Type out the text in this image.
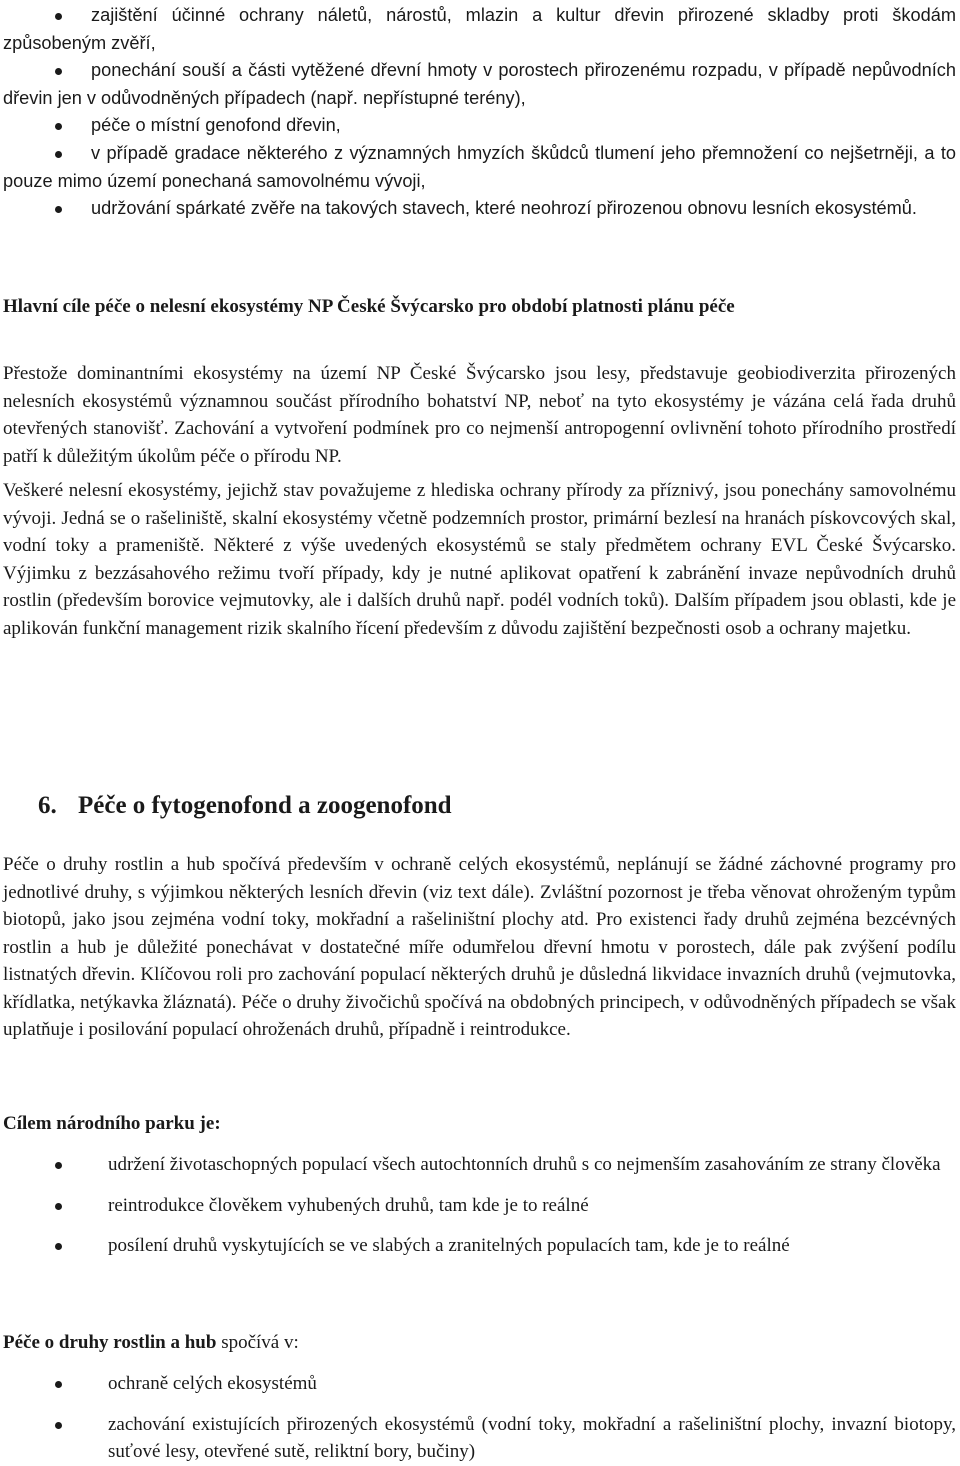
zajištění účinné ochrany náletů, nárostů, mlazin a kultur dřevin přirozené skladby proti škodám způsobeným zvěří,

ponechání souší a části vytěžené dřevní hmoty v porostech přirozenému rozpadu, v případě nepůvodních dřevin jen v odůvodněných případech (např. nepřístupné terény),

péče o místní genofond dřevin,

v případě gradace některého z významných hmyzích škůdců tlumení jeho přemnožení co nejšetrněji, a to pouze mimo území ponechaná samovolnému vývoji,

udržování spárkaté zvěře na takových stavech, které neohrozí přirozenou obnovu lesních ekosystémů.

Hlavní cíle péče o nelesní ekosystémy NP České Švýcarsko pro období platnosti plánu péče

Přestože dominantními ekosystémy na území NP České Švýcarsko jsou lesy, představuje geobiodiverzita přirozených nelesních ekosystémů významnou součást přírodního bohatství NP, neboť na tyto ekosystémy je vázána celá řada druhů otevřených stanovišť. Zachování a vytvoření podmínek pro co nejmenší antropogenní ovlivnění tohoto přírodního prostředí patří k důležitým úkolům péče o přírodu NP.

Veškeré nelesní ekosystémy, jejichž stav považujeme z hlediska ochrany přírody za příznivý, jsou ponechány samovolnému vývoji. Jedná se o rašeliniště, skalní ekosystémy včetně podzemních prostor, primární bezlesí na hranách pískovcových skal, vodní toky a prameniště. Některé z výše uvedených ekosystémů se staly předmětem ochrany EVL České Švýcarsko. Výjimku z bezzásahového režimu tvoří případy, kdy je nutné aplikovat opatření k zabránění invaze nepůvodních druhů rostlin (především borovice vejmutovky, ale i dalších druhů např. podél vodních toků). Dalším případem jsou oblasti, kde je aplikován funkční management rizik skalního řícení především z důvodu zajištění bezpečnosti osob a ochrany majetku.

6. Péče o fytogenofond a zoogenofond
Péče o druhy rostlin a hub spočívá především v ochraně celých ekosystémů, neplánují se žádné záchovné programy pro jednotlivé druhy, s výjimkou některých lesních dřevin (viz text dále). Zvláštní pozornost je třeba věnovat ohroženým typům biotopů, jako jsou zejména vodní toky, mokřadní a rašeliništní plochy atd. Pro existenci řady druhů zejména bezcévných rostlin a hub je důležité ponechávat v dostatečné míře odumřelou dřevní hmotu v porostech, dále pak zvýšení podílu listnatých dřevin. Klíčovou roli pro zachování populací některých druhů je důsledná likvidace invazních druhů (vejmutovka, křídlatka, netýkavka žláznatá). Péče o druhy živočichů spočívá na obdobných principech, v odůvodněných případech se však uplatňuje i posilování populací ohroženách druhů, případně i reintrodukce.
Cílem národního parku je:

udržení životaschopných populací všech autochtonních druhů s co nejmenším zasahováním ze strany člověka

reintrodukce člověkem vyhubených druhů, tam kde je to reálné

posílení druhů vyskytujících se ve slabých a zranitelných populacích tam, kde je to reálné

Péče o druhy rostlin a hub spočívá v:

ochraně celých ekosystémů

zachování existujících přirozených ekosystémů (vodní toky, mokřadní a rašeliništní plochy, invazní biotopy, suťové lesy, otevřené sutě, reliktní bory, bučiny)
